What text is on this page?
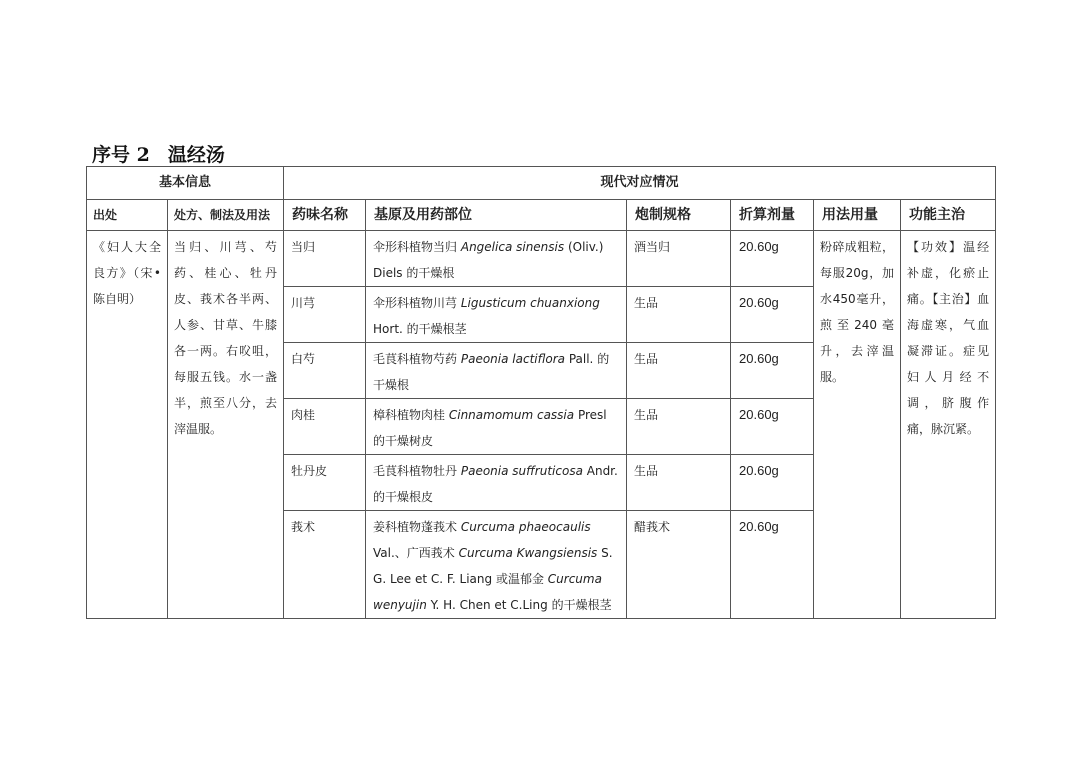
序号 2 温经汤
基本信息		现代对应情况					
出处	处方、制法及用法	药味名称	基原及用药部位	炮制规格	折算剂量	用法用量	功能主治
《妇人大全良方》（宋•陈自明）	当归、川芎、芍药、桂心、牡丹皮、莪术各半两、人参、甘草、牛膝各一两。右㕮咀，每服五钱。水一盏半，煎至八分，去滓温服。	当归	伞形科植物当归 Angelica sinensis (Oliv.) Diels 的干燥根	酒当归	20.60g	粉碎成粗粒，每服20g，加水450毫升，煎至240毫升，去滓温服。	【功效】温经补虚，化瘀止痛。【主治】血海虚寒，气血凝滞证。症见妇人月经不调，脐腹作痛，脉沉紧。
		川芎	伞形科植物川芎 Ligusticum chuanxiong Hort. 的干燥根茎	生品	20.60g		
		白芍	毛茛科植物芍药 Paeonia lactiflora Pall. 的干燥根	生品	20.60g		
		肉桂	樟科植物肉桂 Cinnamomum cassia Presl 的干燥树皮	生品	20.60g		
		牡丹皮	毛茛科植物牡丹 Paeonia suffruticosa Andr. 的干燥根皮	生品	20.60g		
		莪术	姜科植物蓬莪术 Curcuma phaeocaulis Val.、广西莪术 Curcuma Kwangsiensis S. G. Lee et C. F. Liang 或温郁金 Curcuma wenyujin Y. H. Chen et C.Ling 的干燥根茎	醋莪术	20.60g		
